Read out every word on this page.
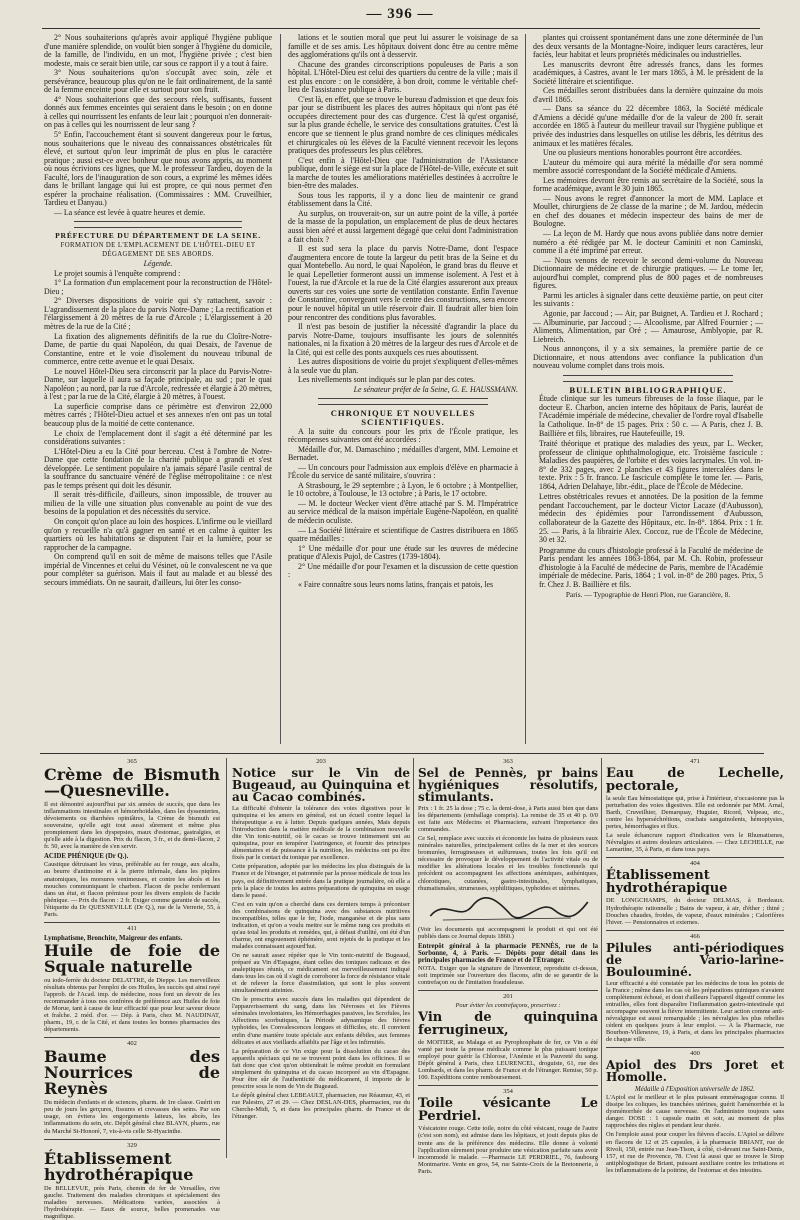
— 396 —

2° Nous souhaiterions qu'après avoir appliqué l'hygiène publique d'une manière splendide, on voulût bien songer à l'hygiène du domicile, de la famille, de l'individu, en un mot, l'hygiène privée ; c'est bien modeste, mais ce serait bien utile, car sous ce rapport il y a tout à faire.

3° Nous souhaiterions qu'on s'occupât avec soin, zèle et persévérance, beaucoup plus qu'on ne le fait ordinairement, de la santé de la femme enceinte pour elle et surtout pour son fruit.

4° Nous souhaiterions que des secours réels, suffisants, fussent donnés aux femmes enceintes qui seraient dans le besoin ; on en donne à celles qui nourrissent les enfants de leur lait ; pourquoi n'en donnerait-on pas à celles qui les nourrissent de leur sang ?

5° Enfin, l'accouchement étant si souvent dangereux pour le fœtus, nous souhaiterions que le niveau des connaissances obstétricales fût élevé, et surtout qu'on leur imprimât de plus en plus le caractère pratique ; aussi est-ce avec bonheur que nous avons appris, au moment où nous écrivions ces lignes, que M. le professeur Tardieu, doyen de la Faculté, lors de l'inauguration de son cours, a exprimé les mêmes idées dans le brillant langage qui lui est propre, ce qui nous permet d'en espérer la prochaine réalisation. (Commissaires : MM. Cruveilhier, Tardieu et Danyau.)

— La séance est levée à quatre heures et demie.

PRÉFECTURE DU DÉPARTEMENT DE LA SEINE.

FORMATION DE L'EMPLACEMENT DE L'HÔTEL-DIEU ET DÉGAGEMENT DE SES ABORDS.

Légende.

Le projet soumis à l'enquête comprend :

1° La formation d'un emplacement pour la reconstruction de l'Hôtel-Dieu ;

2° Diverses dispositions de voirie qui s'y rattachent, savoir : L'agrandissement de la place du parvis Notre-Dame ; La rectification et l'élargissement à 20 mètres de la rue d'Arcole ; L'élargissement à 20 mètres de la rue de la Cité ;

La fixation des alignements définitifs de la rue du Cloître-Notre-Dame, de partie du quai Napoléon, du quai Desaix, de l'avenue de Constantine, entre et le voie d'isolement du nouveau tribunal de commerce, entre cette avenue et le quai Desaix.

Le nouvel Hôtel-Dieu sera circonscrit par la place du Parvis-Notre-Dame, sur laquelle il aura sa façade principale, au sud ; par le quai Napoléon ; au nord, par la rue d'Arcole, redressée et élargie à 20 mètres, à l'est ; par la rue de la Cité, élargie à 20 mètres, à l'ouest.

La superficie comprise dans ce périmètre est d'environ 22,000 mètres carrés ; l'Hôtel-Dieu actuel et ses annexes n'en ont pas un total beaucoup plus de la moitié de cette contenance.

Le choix de l'emplacement dont il s'agit a été déterminé par les considérations suivantes :

L'Hôtel-Dieu a eu la Cité pour berceau. C'est à l'ombre de Notre-Dame que cette fondation de la charité publique a grandi et s'est développée. Le sentiment populaire n'a jamais séparé l'asile central de la souffrance du sanctuaire vénéré de l'église métropolitaine : ce n'est pas le temps présent qui doit les désunir.

Il serait très-difficile, d'ailleurs, sinon impossible, de trouver au milieu de la ville une situation plus convenable au point de vue des besoins de la population et des nécessités du service.

On conçoit qu'on place au loin des hospices. L'infirme ou le vieillard qu'on y recueille n'a qu'à gagner en santé et en calme à quitter les quartiers où les habitations se disputent l'air et la lumière, pour se rapprocher de la campagne.

On comprend qu'il en soit de même de maisons telles que l'Asile impérial de Vincennes et celui du Vésinet, où le convalescent ne va que pour compléter sa guérison. Mais il faut au malade et au blessé des secours immédiats. On ne saurait, d'ailleurs, lui ôter les conso-

lations et le soutien moral que peut lui assurer le voisinage de sa famille et de ses amis. Les hôpitaux doivent donc être au centre même des agglomérations qu'ils ont à desservir.

Chacune des grandes circonscriptions populeuses de Paris a son hôpital. L'Hôtel-Dieu est celui des quartiers du centre de la ville ; mais il est plus encore : on le considère, à bon droit, comme le véritable chef-lieu de l'assistance publique à Paris.

C'est là, en effet, que se trouve le bureau d'admission et que deux fois par jour se distribuent les places des autres hôpitaux qui n'ont pas été occupées directement pour des cas d'urgence. C'est là qu'est organisé, sur la plus grande échelle, le service des consultations gratuites. C'est là encore que se tiennent le plus grand nombre de ces cliniques médicales et chirurgicales où les élèves de la Faculté viennent recevoir les leçons pratiques des professeurs les plus célèbres.

C'est enfin à l'Hôtel-Dieu que l'administration de l'Assistance publique, dont le siège est sur la place de l'Hôtel-de-Ville, exécute et suit la marche de toutes les améliorations matérielles destinées à accroître le bien-être des malades.

Sous tous les rapports, il y a donc lieu de maintenir ce grand établissement dans la Cité.

Au surplus, on trouverait-on, sur un autre point de la ville, à portée de la masse de la population, un emplacement de plus de deux hectares aussi bien aéré et aussi largement dégagé que celui dont l'administration a fait choix ?

Il est sud sera la place du parvis Notre-Dame, dont l'espace d'augmentera encore de toute la largeur du petit bras de la Seine et du quai Montebello. Au nord, le quai Napoléon, le grand bras du fleuve et le quai Lepelletier formeront aussi un immense isolement. A l'est et à l'ouest, la rue d'Arcole et la rue de la Cité élargies assureront aux preaux ouverts sur ces voies une sorte de ventilation constante. Enfin l'avenue de Constantine, convergeant vers le centre des constructions, sera encore pour le nouvel hôpital un utile réservoir d'air. Il faudrait aller bien loin pour rencontrer des conditions plus favorables.

Il n'est pas besoin de justifier la nécessité d'agrandir la place du parvis Notre-Dame, toujours insuffisante les jours de solennités nationales, ni la fixation à 20 mètres de la largeur des rues d'Arcole et de la Cité, qui est celle des ponts auxquels ces rues aboutissent.

Les autres dispositions de voirie du projet s'expliquent d'elles-mêmes à la seule vue du plan.

Les nivellements sont indiqués sur le plan par des cotes.

Le sénateur préfet de la Seine, G. E. HAUSSMANN.

CHRONIQUE ET NOUVELLES SCIENTIFIQUES.

A la suite du concours pour les prix de l'École pratique, les récompenses suivantes ont été accordées :

Médaille d'or, M. Damaschino ; médailles d'argent, MM. Lemoine et Bernadet.

— Un concours pour l'admission aux emplois d'élève en pharmacie à l'École du service de santé militaire, s'ouvrira :

A Strasbourg, le 29 septembre ; à Lyon, le 6 octobre ; à Montpellier, le 10 octobre, à Toulouse, le 13 octobre ; à Paris, le 17 octobre.

— M. le docteur Wecker vient d'être attaché par S. M. l'Impératrice au service médical de la maison impériale Eugène-Napoléon, en qualité de médecin oculiste.

— La Société littéraire et scientifique de Castres distribuera en 1865 quatre médailles :

1° Une médaille d'or pour une étude sur les œuvres de médecine pratique d'Alexis Pujol, de Castres (1739-1804).

2° Une médaille d'or pour l'examen et la discussion de cette question :

« Faire connaître sous leurs noms latins, français et patois, les

plantes qui croissent spontanément dans une zone déterminée de l'un des deux versants de la Montagne-Noire, indiquer leurs caractères, leur faciès, leur habitat et leurs propriétés médicinales ou industrielles.

Les manuscrits devront être adressés francs, dans les formes académiques, à Castres, avant le 1er mars 1865, à M. le président de la Société littéraire et scientifique.

Ces médailles seront distribuées dans la dernière quinzaine du mois d'avril 1865.

— Dans sa séance du 22 décembre 1863, la Société médicale d'Amiens a décidé qu'une médaille d'or de la valeur de 200 fr. serait accordée en 1865 à l'auteur du meilleur travail sur l'hygiène publique et privée des industries dans lesquelles on utilise les débris, les détritus des animaux et les matières fécales.

Une ou plusieurs mentions honorables pourront être accordées.

L'auteur du mémoire qui aura mérité la médaille d'or sera nommé membre associé correspondant de la Société médicale d'Amiens.

Les mémoires devront être remis au secrétaire de la Société, sous la forme académique, avant le 30 juin 1865.

— Nous avons le regret d'annoncer la mort de MM. Laplace et Moullet, chirurgiens de 2e classe de la marine ; de M. Jardou, médecin en chef des douanes et médecin inspecteur des bains de mer de Boulogne.

— La leçon de M. Hardy que nous avons publiée dans notre dernier numéro a été rédigée par M. le docteur Caminiti et non Caminski, comme il a été imprimé par erreur.

— Nous venons de recevoir le second demi-volume du Nouveau Dictionnaire de médecine et de chirurgie pratiques. — Le tome Ier, aujourd'hui complet, comprend plus de 800 pages et de nombreuses figures.

Parmi les articles à signaler dans cette deuxième partie, on peut citer les suivants :

Agonie, par Jaccoud ; — Air, par Buignet, A. Tardieu et J. Rochard ; — Albuminurie, par Jaccoud ; — Alcoolisme, par Alfred Fournier ; — Aliments, Alimentation, par Oré ; — Amaurose, Amblyopie, par R. Liebreich.

Nous annonçons, il y a six semaines, la première partie de ce Dictionnaire, et nous attendons avec confiance la publication d'un nouveau volume complet dans trois mois.

BULLETIN BIBLIOGRAPHIQUE.

Étude clinique sur les tumeurs fibreuses de la fosse iliaque, par le docteur E. Charbon, ancien interne des hôpitaux de Paris, lauréat de l'Académie impériale de médecine, chevalier de l'ordre royal d'Isabelle la Catholique. In-8° de 15 pages. Prix : 50 c. — A Paris, chez J. B. Baillière et fils, libraires, rue Hautefeuille, 19.

Traité théorique et pratique des maladies des yeux, par L. Wecker, professeur de clinique ophthalmologique, etc. Troisième fascicule : Maladies des paupières, de l'orbite et des voies lacrymales. Un vol. in-8° de 332 pages, avec 2 planches et 43 figures intercalées dans le texte. Prix : 5 fr. franco. Le fascicule complète le tome Ier. — Paris, 1864, Adrien Delahaye, libr.-édit., place de l'École de Médecine.

Lettres obstétricales revues et annotées. De la position de la femme pendant l'accouchement, par le docteur Victor Lacaze (d'Aubusson), médecin des épidémies pour l'arrondissement d'Aubusson, collaborateur de la Gazette des Hôpitaux, etc. In-8°. 1864. Prix : 1 fr. 25. — Paris, à la librairie Alex. Coccoz, rue de l'École de Médecine, 30 et 32.

Programme du cours d'histologie professé à la Faculté de médecine de Paris pendant les années 1863-1864, par M. Ch. Robin, professeur d'histologie à la Faculté de médecine de Paris, membre de l'Académie impériale de médecine. Paris, 1864 ; 1 vol. in-8° de 280 pages. Prix, 5 fr. Chez J. B. Baillière et fils.

Paris. — Typographie de Henri Plon, rue Garancière, 8.

365
Crème de Bismuth—Quesneville.

Il est démontré aujourd'hui par six années de succès, que dans les inflammations intestinales et hémorrhoïdales, dans les dyssenteries, dévoiements ou diarrhées opiniâtres, la Crème de bismuth est souveraine, qu'elle agit tout aussi sûrement et même plus promptement dans les dyspepsies, maux d'estomac, gastralgies, et qu'elle aide à la digestion. Prix du flacon, 3 fr., et du demi-flacon, 2 fr. 50, avec la manière de s'en servir.

ACIDE PHÉNIQUE (Dr Q.).

Caustique détruisant les virus, préférable au fer rouge, aux alcalis, au beurre d'antimoine et à la pierre infernale, dans les piqûres anatomiques, les morsures venimeuses, et contre les abcès et les mouches communiquant le charbon. Flacon de poche renfermant dans un étui, et flacon prémisse pour les divers emplois de l'acide phénique. — Prix du flacon : 2 fr. Exiger comme garantie de succès, l'étiquette du Dr QUESNEVILLE (Dr Q.), rue de la Verrerie, 55, à Paris.

411
Lymphatisme, Bronchite, Maigreur des enfants.
Huile de foie de Squale naturelle

ou iodo-ferrée du docteur DELATTRE, de Dieppe. Les merveilleux résultats obtenus par l'emploi de ces Huiles, les succès qui ainsi rayé l'approb. de l'Acad. imp. de médecine, nous font un devoir de les recommander à tous nos confrères de préférence aux Huiles de foie de Morue, tant à cause de leur efficacité que pour leur saveur douce et fraîche. 2 méd. d'or. — Dép. à Paris, chez M. NAUDINAT, pharm., 19, r. de la Cité, et dans toutes les bonnes pharmacies des départements.

402
Baume des Nourrices de Reynès

Du médecin d'enfants et de sciences, pharm. de 1re classe. Guérit en peu de jours les gerçures, fissures et crevasses des seins. Par son usage, on évitera les engorgements laiteux, les abcès, les inflammations du sein, etc. Dépôt général chez BLAYN, pharm., rue du Marché St-Honoré, 7, vis-à-vis celle St-Hyacinthe.

329
Établissement hydrothérapique

De BELLEVUE, près Paris, chemin de fer de Versailles, rive gauche. Traitement des maladies chroniques et spécialement des maladies nerveuses. Médications variées, associées à l'hydrothérapie. — Eaux de source, belles promenades vue magnifique.

203
Notice sur le Vin de Bugeaud, au Quinquina et au Cacao combinés.

La difficulté d'obtenir la tolérance des voies digestives pour le quinquina et les amers en général, est un écueil contre lequel la thérapeutique a eu à lutter. Depuis quelques années, Mais depuis l'introduction dans la matière médicale de la combinaison nouvelle dite Vin tonic-nutritif, où le cacao se trouve intimement uni au quinquina, pour en tempérer l'astringence, et fournir des principes alimentaires et de puissance à la nutrition, les médecins ont pu être fixés par le contact du tonique par excellence.

Cette préparation, adoptée par les médecins les plus distingués de la France et de l'étranger, et patronnée par la presse médicale de tous les pays, est définitivement entrée dans la pratique journalière, où elle a pris la place de toutes les autres préparations de quinquina en usage dans le passé.

C'est en vain qu'on a cherché dans ces derniers temps à préconiser des combinaisons de quinquina avec des substances nutritives incompatibles, telles que le fer, l'iode, manganèse et de plus sans indication, et qu'on a voulu mettre sur le même rang ces produits et qu'au total les produits et remèdes, qui, à défaut d'utilité, ont été d'un charme, ont engouement éphémère, sont rejetés de la pratique et les malades connaissant aujourd'hui.

On ne saurait assez répéter que le Vin tonic-nutritif de Bugeaud, préparé au Vin d'Espagne, étant celles des toniques radicaux et des analeptiques réunis, ce médicament est merveilleusement indiqué dans tous les cas où il s'agit de corroborer la force de résistance vitale et de relever la force d'assimilation, qui sont le plus souvent simultanément atteintes.

On le prescrira avec succès dans les maladies qui dépendent de l'appauvrissement du sang, dans les Névroses et les Fièvres séminales involontaires, les Hémorrhagies passives, les Scrofules, les Affections scorbutiques, la Période adynamique des fièvres typhoïdes, les Convalescences longues et difficiles, etc. Il convient enfin d'une manière toute spéciale aux enfants débiles, aux femmes délicates et aux vieillards affaiblis par l'âge et les infirmités.

La préparation de ce Vin exige pour la dissolution du cacao des appareils spéciaux qui ne se trouvent point dans les officines. Il se fait donc que c'est qu'on obtiendrait le même produit en formulant simplement du quinquina et du cacao incorporé au vin d'Espagne. Pour être sûr de l'authenticité du médicament, il importe de le prescrire sous le nom de Vin de Bugeaud.

Le dépôt général chez LEBEAULT, pharmacien, rue Réaumur, 43, et rue Palestro, 27 et 29. — Chez DESLAN-DES, pharmacien, rue du Cherche-Midi, 5, et dans les principales pharm. de France et de l'étranger.

363
Sel de Pennès, pr bains hygiéniques résolutifs, stimulants.

Prix : 1 fr. 25 la dose ; 75 c. la demi-dose, à Paris aussi bien que dans les départements (emballage compris). La remise de 35 et 40 p. 0/0 est faite aux Médecins et Pharmaciens, suivant l'importance des commandes.

Ce Sel, remplace avec succès et économie les bains de plusieurs eaux minérales naturelles, principalement celles de la mer et des sources bromurées, ferrugineuses et sulfureuses, toutes les fois qu'il est nécessaire de provoquer le développement de l'activité vitale ou de modifier les altérations locales et les troubles fonctionnels qui précèdent ou accompagnent les affections anémiques, asthéniques, chlorotiques, cutanées, gastro-intestinales, lymphatiques, rhumatismales, strumeuses, syphilitiques, typhoïdes et utérines.

(Voir les documents qui accompagnent le produit et qui ont été publiés dans ce Journal depuis 1860.)

Entrepôt général à la pharmacie PENNÈS, rue de la Sorbonne, 4, à Paris. — Dépôts pour détail dans les principales pharmacies de France et de l'Étranger.

NOTA. Exiger que la signature de l'inventeur, reproduite ci-dessus, soit imprimée sur l'ouverture des flacons, afin de se garantir de la contrefaçon ou de l'imitation frauduleuse.

201

Pour éviter les contrefaçons, prescrivez :

Vin de quinquina ferrugineux,

de MOITIER, au Malaga et au Pyrophosphate de fer, ce Vin a été vanté par toute la presse médicale comme le plus puissant tonique employé pour guérir la Chlorose, l'Anémie et la Pauvreté du sang. Dépôt général à Paris, chez LEURENCEL, droguiste, 61, rue des Lombards, et dans les pharm. de France et de l'étranger. Remise, 50 p. 100. Expéditions contre remboursement.

354
Toile vésicante Le Perdriel.

Vésicatoire rouge. Cette toile, noire du côté vésicant, rouge de l'autre (c'est son nom), est admise dans les hôpitaux, et jouit depuis plus de trente ans de la préférence des médecins. Elle donne à volonté l'application sûrement pour produire une vésication parfaite sans avoir incommodé le malade. —Pharmacie LE PERDRIEL, 76, faubourg Montmartre. Vente en gros, 54, rue Sainte-Croix de la Bretonnerie, à Paris.

471
Eau de Lechelle, pectorale,

la seule Eau hémostatique qui, prise à l'intérieur, n'occasionne pas la perturbation des voies digestives. Elle est ordonnée par MM. Arnal, Barth, Cruveilhier, Demarquay, Huguier, Ricord, Velpeau, etc., contre les hyperséchrétions, crachats sanguinolents, hémoptysies, pertes, hémorrhagies et flux.

La seule échancrure rapport d'indication vers le Rhumatismes, Névralgies et autres douleurs articulaires. — Chez LECHELLE, rue Lamartine, 35, à Paris, et dans tous pays.

404
Établissement hydrothérapique

DE LONGCHAMPS, du docteur DELMAS, à Bordeaux. Hydrothérapie rationnelle ; Bains de vapeur, à air, d'éther ; thiné ; Douches chaudes, froides, de vapeur, d'eaux minérales ; Calorifères l'hiver. — Pensionnaires et externes.

466
Pilules anti-périodiques de Vario-larine-Boulouminé.

Leur efficacité a été constatée par les médecins de tous les points de la France ; même dans les cas où les préparations quiniques n'avaient complètement échoué, et dont d'ailleurs l'appareil digestif comme les entrailles, elles font disparaître l'inflammation gastro-intestinale qui accompagne souvent la fièvre intermittente. Leur action comme anti-névralgique est aussi remarquable ; les névralgies les plus rebelles cèdent en quelques jours à leur emploi. — A la Pharmacie, rue Bourbon-Villeneuve, 19, à Paris, et dans les principales pharmacies de chaque ville.

400
Apiol des Drs Joret et Homolle.
Médaille à l'Exposition universelle de 1862.

L'Apiol est le meilleur et le plus puissant emménagogue connu. Il dissipe les coliques, les tranchées utérines, guérit l'aménorrhée et la dysménorrhée de cause nerveuse. On l'administre toujours sans danger. DOSE : 1 capsule matin et soir, au moment de plus rapprochées des règles et pendant leur durée.

On l'emploie aussi pour couper les fièvres d'accès. L'Apiol se délivre en flacons de 12 et 25 capsules, à la pharmacie BRIANT, rue de Rivoli, 150, entrée rue Jean-Tison, à côté, ci-devant rue Saint-Denis, 157, et rue de Provence, 78. C'est là aussi que se trouve le Sirop antiphlogistique de Briant, puissant auxiliaire contre les irritations et les inflammations de la poitrine, de l'estomac et des intestins.
